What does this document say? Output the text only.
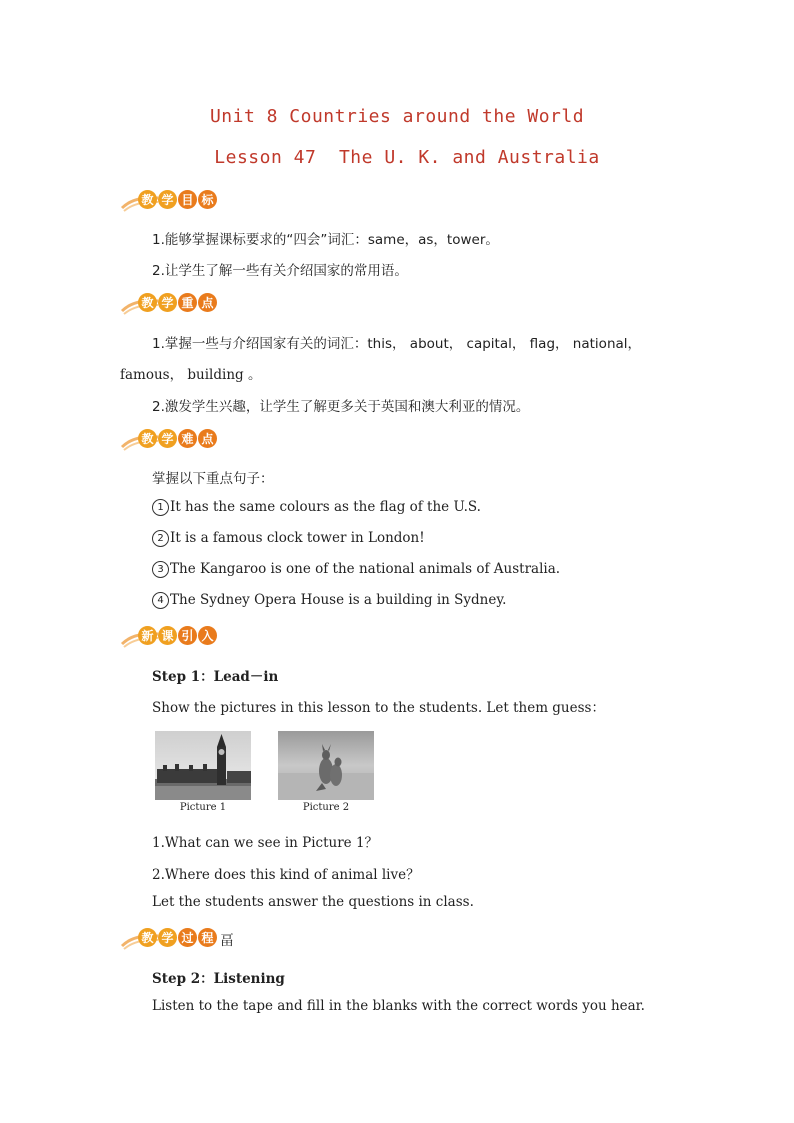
Unit 8 Countries around the World
Lesson 47  The U. K. and Australia
教 学 目 标
1.能够掌握课标要求的“四会”词汇：same，as，tower。
2.让学生了解一些有关介绍国家的常用语。
教 学 重 点
1.掌握一些与介绍国家有关的词汇：this， about， capital， flag， national，
famous， building 。
2.激发学生兴趣，让学生了解更多关于英国和澳大利亚的情况。
教 学 难 点
掌握以下重点句子：
1 It has the same colours as the flag of the U.S.
2 It is a famous clock tower in London!
3 The Kangaroo is one of the national animals of Australia.
4 The Sydney Opera House is a building in Sydney.
新 课 引 入
Step 1：Lead－in
Show the pictures in this lesson to the students. Let them guess：
Picture 1	Picture 2
1.What can we see in Picture 1？
2.Where does this kind of animal live？
Let the students answer the questions in class.
教 学 过 程 畐
Step 2：Listening
Listen to the tape and fill in the blanks with the correct words you hear.
